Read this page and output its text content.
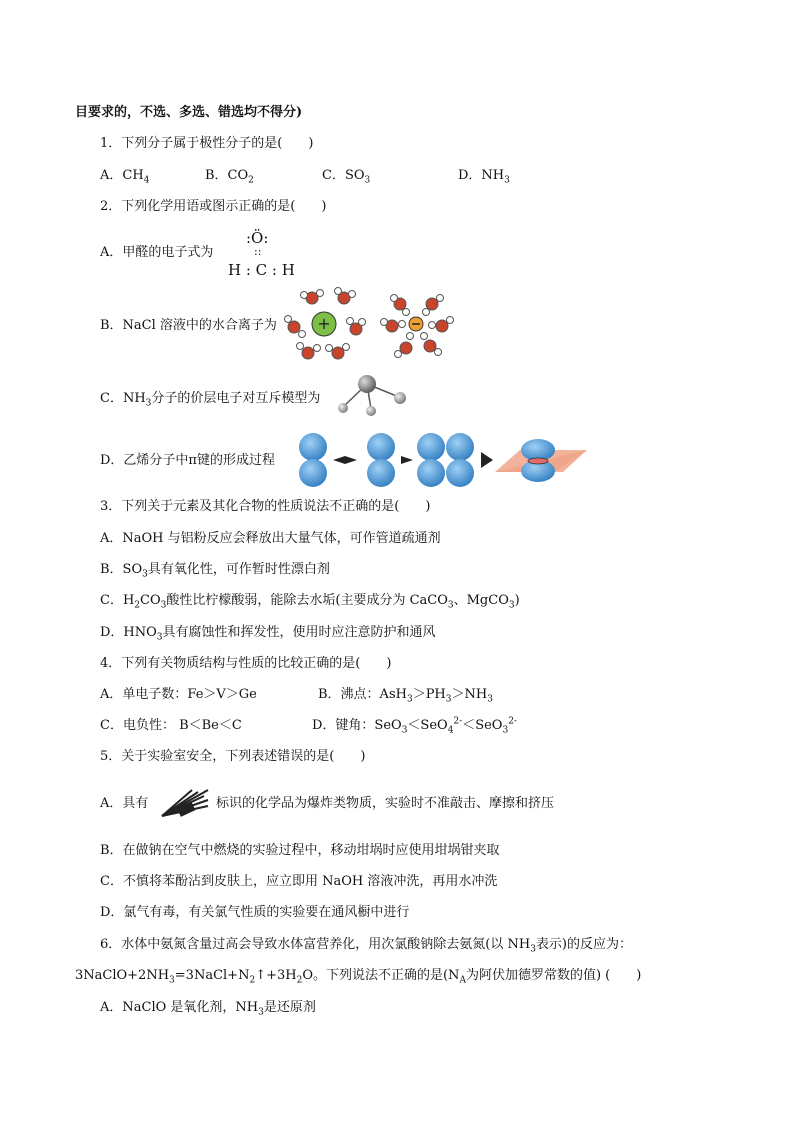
目要求的，不选、多选、错选均不得分)
1．下列分子属于极性分子的是(　　)
A．$CH_4$	B．$CO_2$	C．$SO_3$	D．$NH_3$
2．下列化学用语或图示正确的是(　　)
A．甲醛的电子式为
:Ö:
::
H : C : H
B．NaCl 溶液中的水合离子为	+
C．$NH_3$分子的价层电子对互斥模型为
D．乙烯分子中π键的形成过程
3．下列关于元素及其化合物的性质说法不正确的是(　　)
A．NaOH 与铝粉反应会释放出大量气体，可作管道疏通剂
B．$SO_3$具有氧化性，可作暂时性漂白剂
C．$H_2CO_3$酸性比柠檬酸弱，能除去水垢(主要成分为 CaCO$_3$、MgCO$_3$)
D．$HNO_3$具有腐蚀性和挥发性，使用时应注意防护和通风
4．下列有关物质结构与性质的比较正确的是(　　)
A．单电子数：Fe＞V＞Ge	B．沸点：$AsH_3>PH_3>NH_3$
C．电负性： B＜Be＜C	D．键角：SeO$_3$＜SeO$_4^{2-}$＜SeO$_3^{2-}$
5．关于实验室安全，下列表述错误的是(　　)
A．具有	标识的化学品为爆炸类物质，实验时不准敲击、摩擦和挤压
B．在做钠在空气中燃烧的实验过程中，移动坩埚时应使用坩埚钳夹取
C．不慎将苯酚沾到皮肤上，应立即用 NaOH 溶液冲洗，再用水冲洗
D．氯气有毒，有关氯气性质的实验要在通风橱中进行
6．水体中氨氮含量过高会导致水体富营养化，用次氯酸钠除去氨氮(以 $NH_3$表示)的反应为：
$3NaClO+2NH_3=3NaCl+N_2↑+3H_2O$。下列说法不正确的是($N_A$为阿伏加德罗常数的值) (　　)
A．NaClO 是氧化剂，$NH_3$是还原剂
